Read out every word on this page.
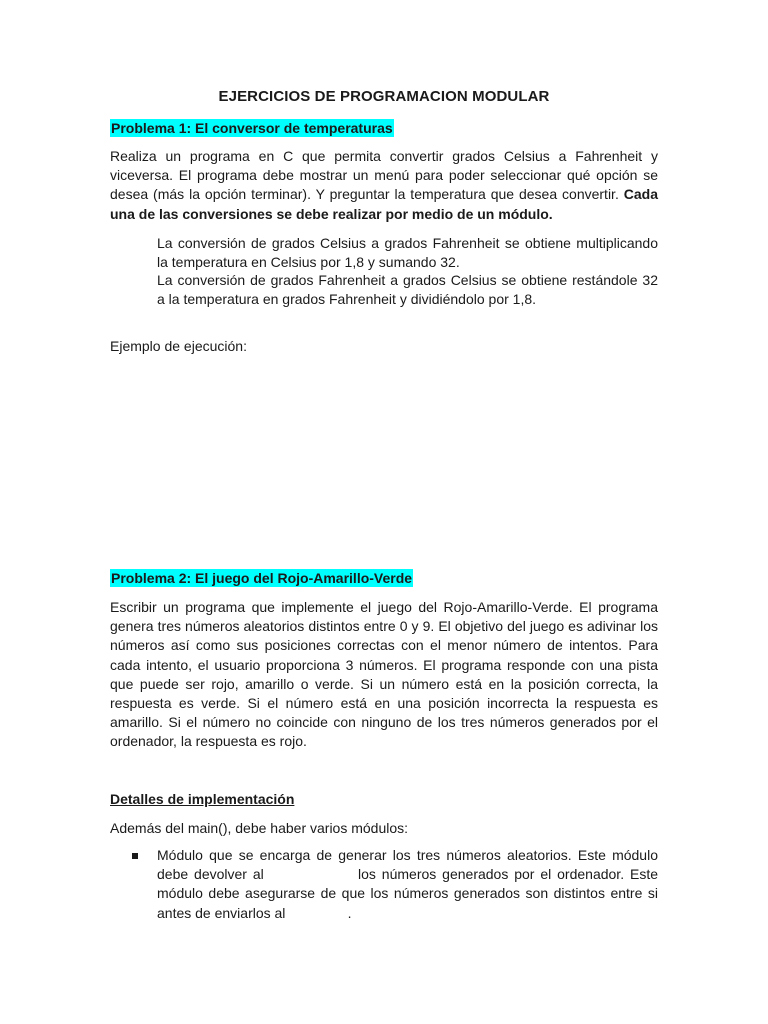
EJERCICIOS DE PROGRAMACION MODULAR
Problema 1: El conversor de temperaturas

Realiza un programa en C que permita convertir grados Celsius a Fahrenheit y viceversa. El programa debe mostrar un menú para poder seleccionar qué opción se desea (más la opción terminar). Y preguntar la temperatura que desea convertir. Cada una de las conversiones se debe realizar por medio de un módulo.

La conversión de grados Celsius a grados Fahrenheit se obtiene multiplicando la temperatura en Celsius por 1,8 y sumando 32.

La conversión de grados Fahrenheit a grados Celsius se obtiene restándole 32 a la temperatura en grados Fahrenheit y dividiéndolo por 1,8.

Ejemplo de ejecución:
Problema 2: El juego del Rojo-Amarillo-Verde

Escribir un programa que implemente el juego del Rojo-Amarillo-Verde. El programa genera tres números aleatorios distintos entre 0 y 9. El objetivo del juego es adivinar los números así como sus posiciones correctas con el menor número de intentos. Para cada intento, el usuario proporciona 3 números. El programa responde con una pista que puede ser rojo, amarillo o verde. Si un número está en la posición correcta, la respuesta es verde. Si el número está en una posición incorrecta la respuesta es amarillo. Si el número no coincide con ninguno de los tres números generados por el ordenador, la respuesta es rojo.

Detalles de implementación
Además del main(), debe haber varios módulos:

Módulo que se encarga de generar los tres números aleatorios. Este módulo debe devolver al                los números generados por el ordenador. Este módulo debe asegurarse de que los números generados son distintos entre si antes de enviarlos al                .
